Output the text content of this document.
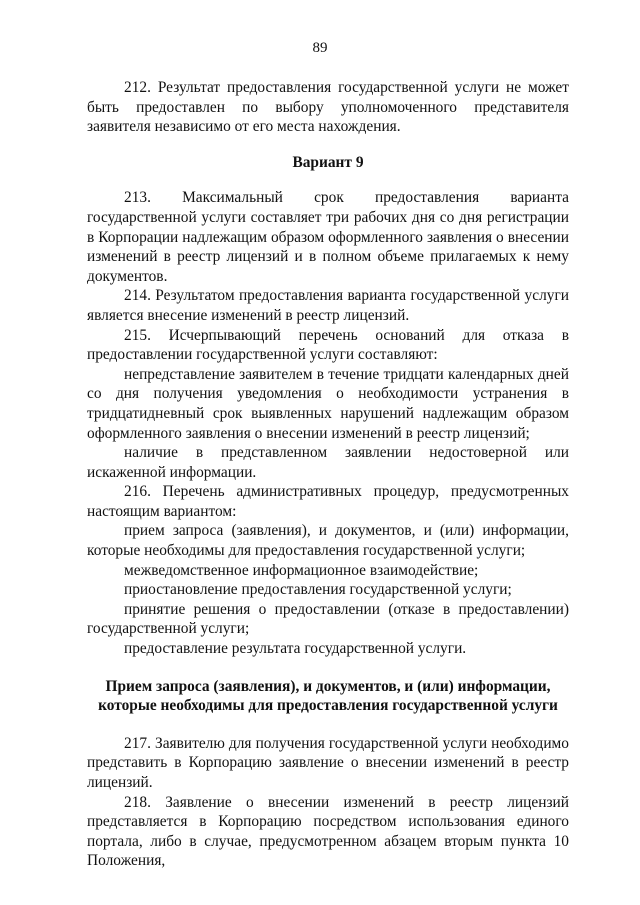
89

212. Результат предоставления государственной услуги не может быть предоставлен по выбору уполномоченного представителя заявителя независимо от его места нахождения.

Вариант 9

213. Максимальный срок предоставления варианта государственной услуги составляет три рабочих дня со дня регистрации в Корпорации надлежащим образом оформленного заявления о внесении изменений в реестр лицензий и в полном объеме прилагаемых к нему документов.

214. Результатом предоставления варианта государственной услуги является внесение изменений в реестр лицензий.

215. Исчерпывающий перечень оснований для отказа в предоставлении государственной услуги составляют:

непредставление заявителем в течение тридцати календарных дней со дня получения уведомления о необходимости устранения в тридцатидневный срок выявленных нарушений надлежащим образом оформленного заявления о внесении изменений в реестр лицензий;

наличие в представленном заявлении недостоверной или искаженной информации.

216. Перечень административных процедур, предусмотренных настоящим вариантом:

прием запроса (заявления), и документов, и (или) информации, которые необходимы для предоставления государственной услуги;

межведомственное информационное взаимодействие;

приостановление предоставления государственной услуги;

принятие решения о предоставлении (отказе в предоставлении) государственной услуги;

предоставление результата государственной услуги.

Прием запроса (заявления), и документов, и (или) информации, которые необходимы для предоставления государственной услуги

217. Заявителю для получения государственной услуги необходимо представить в Корпорацию заявление о внесении изменений в реестр лицензий.

218. Заявление о внесении изменений в реестр лицензий представляется в Корпорацию посредством использования единого портала, либо в случае, предусмотренном абзацем вторым пункта 10 Положения,
